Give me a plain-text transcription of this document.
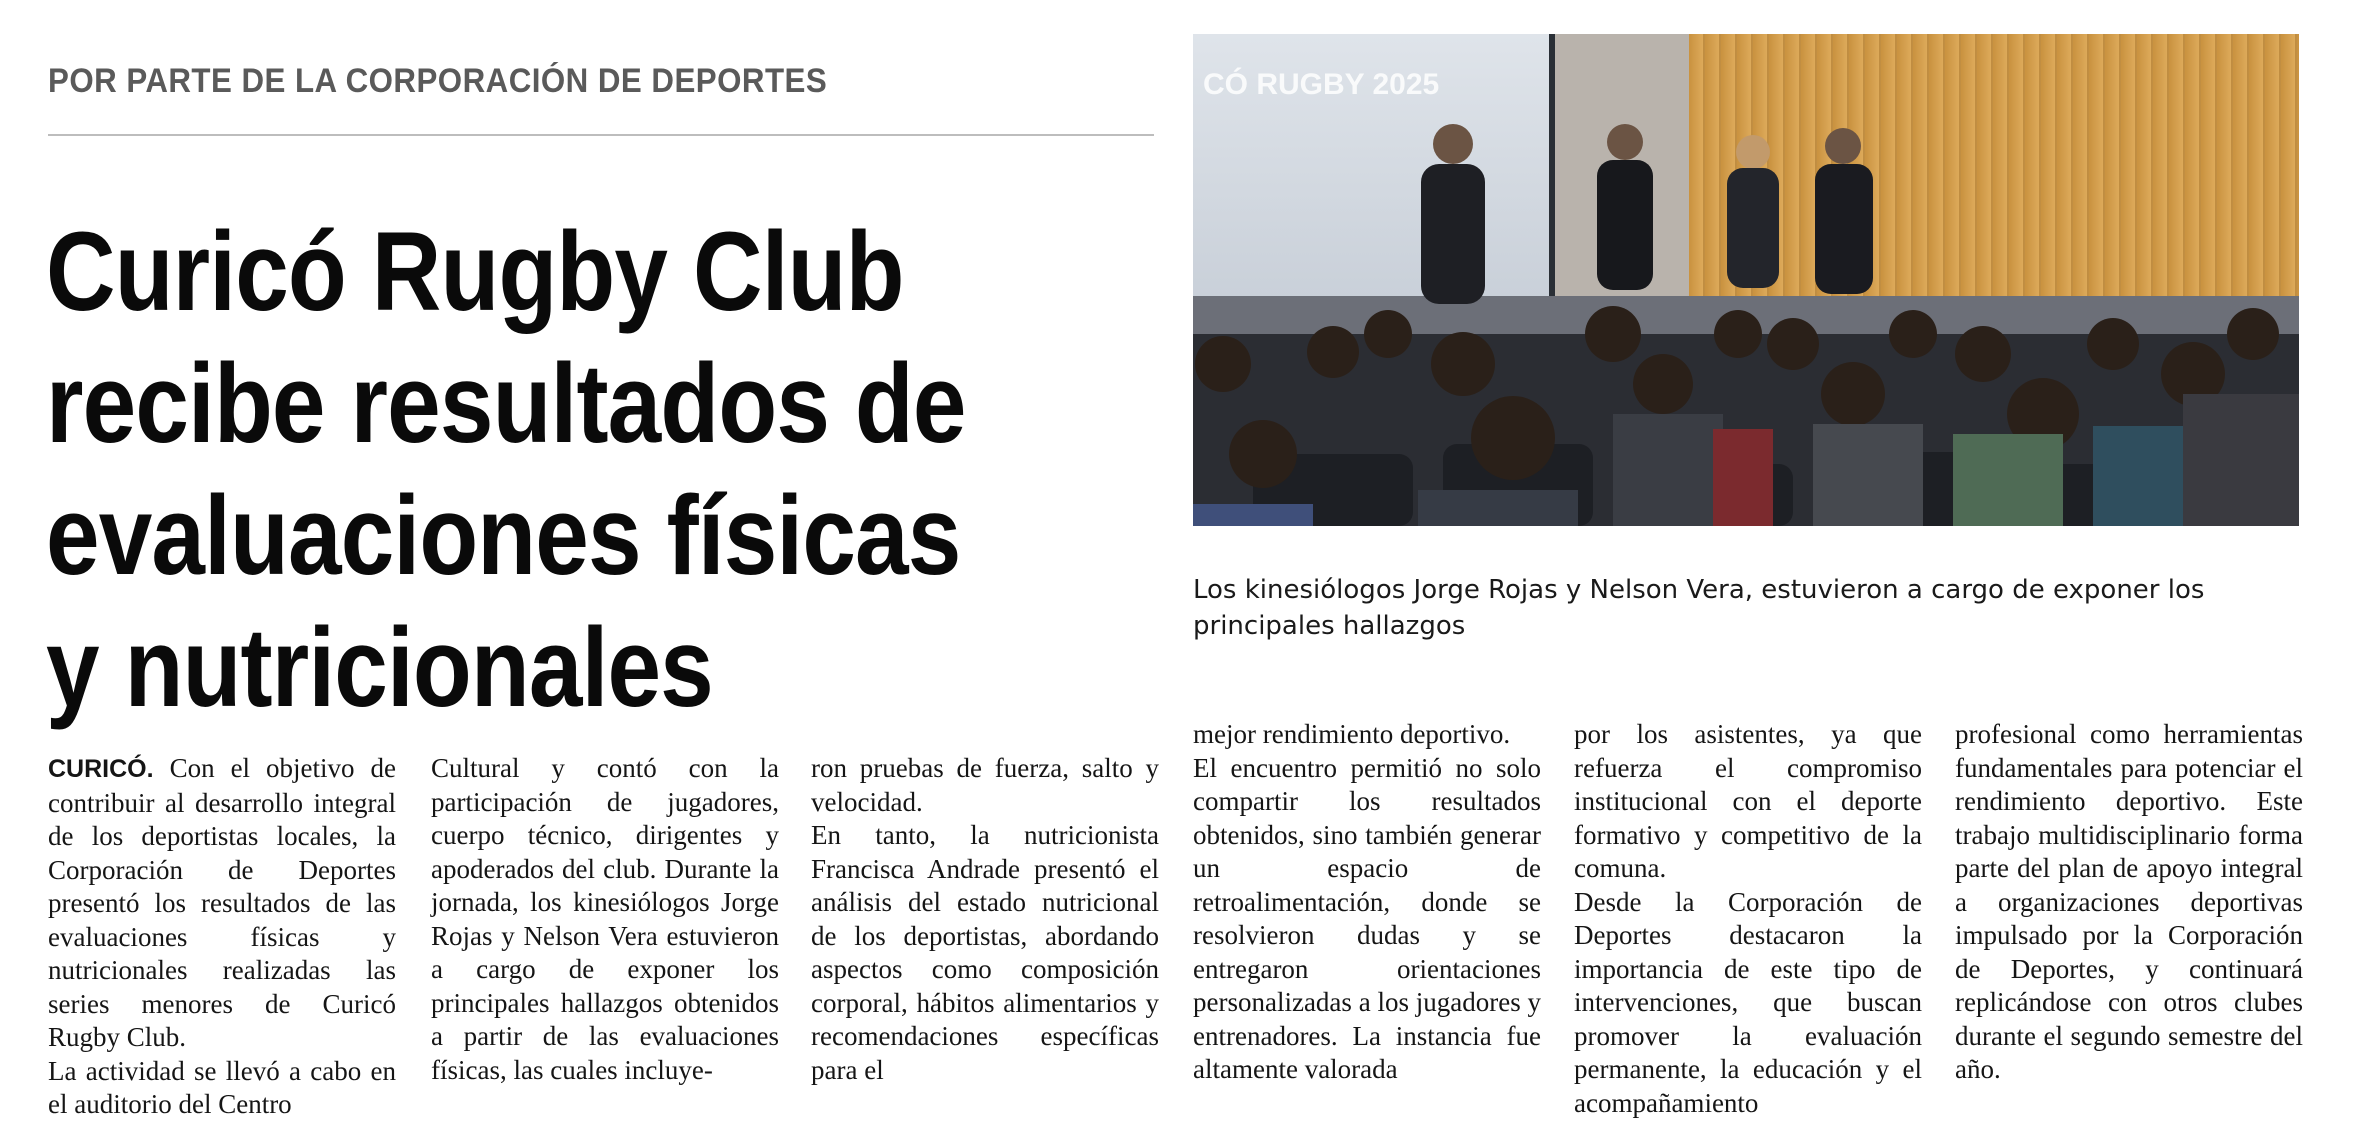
POR PARTE DE LA CORPORACIÓN DE DEPORTES
Curicó Rugby Club
recibe resultados de
evaluaciones físicas
y nutricionales
CÓ RUGBY 2025
Los kinesiólogos Jorge Rojas y Nelson Vera, estuvieron a cargo de exponer los principales hallazgos

CURICÓ. Con el objetivo de contribuir al desarrollo integral de los deportistas locales, la Corporación de Deportes presentó los resultados de las evaluaciones físicas y nutricionales realizadas las series menores de Curicó Rugby Club.

La actividad se llevó a cabo en el auditorio del Centro

Cultural y contó con la participación de jugadores, cuerpo técnico, dirigentes y apoderados del club. Durante la jornada, los kinesiólogos Jorge Rojas y Nelson Vera estuvieron a cargo de exponer los principales hallazgos obtenidos a partir de las evaluaciones físicas, las cuales incluye-

ron pruebas de fuerza, salto y velocidad.

En tanto, la nutricionista Francisca Andrade presentó el análisis del estado nutricional de los deportistas, abordando aspectos como composición corporal, hábitos alimentarios y recomendaciones específicas para el

mejor rendimiento deportivo.

El encuentro permitió no solo compartir los resultados obtenidos, sino también generar un espacio de retroalimentación, donde se resolvieron dudas y se entregaron orientaciones personalizadas a los jugadores y entrenadores. La instancia fue altamente valorada

por los asistentes, ya que refuerza el compromiso institucional con el deporte formativo y competitivo de la comuna.

Desde la Corporación de Deportes destacaron la importancia de este tipo de intervenciones, que buscan promover la evaluación permanente, la educación y el acompañamiento

profesional como herramientas fundamentales para potenciar el rendimiento deportivo. Este trabajo multidisciplinario forma parte del plan de apoyo integral a organizaciones deportivas impulsado por la Corporación de Deportes, y continuará replicándose con otros clubes durante el segundo semestre del año.
